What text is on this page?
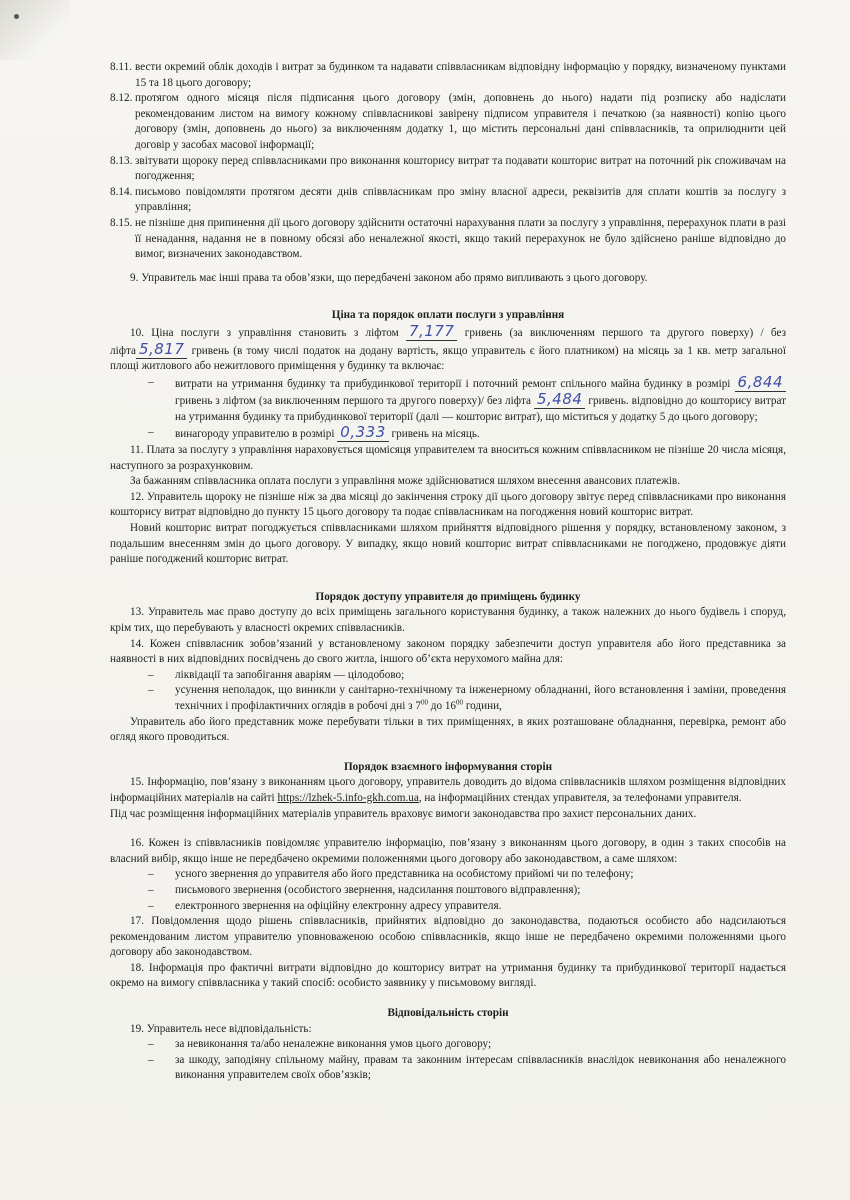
8.11. вести окремий облік доходів і витрат за будинком та надавати співвласникам відповідну інформацію у порядку, визначеному пунктами 15 та 18 цього договору;

8.12. протягом одного місяця після підписання цього договору (змін, доповнень до нього) надати під розписку або надіслати рекомендованим листом на вимогу кожному співвласникові завірену підписом управителя і печаткою (за наявності) копію цього договору (змін, доповнень до нього) за виключенням додатку 1, що містить персональні дані співвласників, та оприлюднити цей договір у засобах масової інформації;

8.13. звітувати щороку перед співвласниками про виконання кошторису витрат та подавати кошторис витрат на поточний рік споживачам на погодження;

8.14. письмово повідомляти протягом десяти днів співвласникам про зміну власної адреси, реквізитів для сплати коштів за послугу з управління;

8.15. не пізніше дня припинення дії цього договору здійснити остаточні нарахування плати за послугу з управління, перерахунок плати в разі її ненадання, надання не в повному обсязі або неналежної якості, якщо такий перерахунок не було здійснено раніше відповідно до вимог, визначених законодавством.

9. Управитель має інші права та обов’язки, що передбачені законом або прямо випливають з цього договору.

Ціна та порядок оплати послуги з управління

10. Ціна послуги з управління становить з ліфтом 7,177 гривень (за виключенням першого та другого поверху) / без ліфта 5,817 гривень (в тому числі податок на додану вартість, якщо управитель є його платником) на місяць за 1 кв. метр загальної площі житлового або нежитлового приміщення у будинку та включає:

– витрати на утримання будинку та прибудинкової території і поточний ремонт спільного майна будинку в розмірі 6,844 гривень з ліфтом (за виключенням першого та другого поверху)/ без ліфта 5,484 гривень. відповідно до кошторису витрат на утримання будинку та прибудинкової території (далі — кошторис витрат), що міститься у додатку 5 до цього договору;

– винагороду управителю в розмірі 0,333 гривень на місяць.

11. Плата за послугу з управління нараховується щомісяця управителем та вноситься кожним співвласником не пізніше 20 числа місяця, наступного за розрахунковим.

За бажанням співвласника оплата послуги з управління може здійснюватися шляхом внесення авансових платежів.

12. Управитель щороку не пізніше ніж за два місяці до закінчення строку дії цього договору звітує перед співвласниками про виконання кошторису витрат відповідно до пункту 15 цього договору та подає співвласникам на погодження новий кошторис витрат.

Новий кошторис витрат погоджується співвласниками шляхом прийняття відповідного рішення у порядку, встановленому законом, з подальшим внесенням змін до цього договору. У випадку, якщо новий кошторис витрат співвласниками не погоджено, продовжує діяти раніше погоджений кошторис витрат.

Порядок доступу управителя до приміщень будинку

13. Управитель має право доступу до всіх приміщень загального користування будинку, а також належних до нього будівель і споруд, крім тих, що перебувають у власності окремих співвласників.

14. Кожен співвласник зобов’язаний у встановленому законом порядку забезпечити доступ управителя або його представника за наявності в них відповідних посвідчень до свого житла, іншого об’єкта нерухомого майна для:

– ліквідації та запобігання аваріям — цілодобово;

– усунення неполадок, що виникли у санітарно-технічному та інженерному обладнанні, його встановлення і заміни, проведення технічних і профілактичних оглядів в робочі дні з $7^{00}$ до $16^{00}$ години,

Управитель або його представник може перебувати тільки в тих приміщеннях, в яких розташоване обладнання, перевірка, ремонт або огляд якого проводиться.

Порядок взаємного інформування сторін

15. Інформацію, пов’язану з виконанням цього договору, управитель доводить до відома співвласників шляхом розміщення відповідних інформаційних матеріалів на сайті https://lzhek-5.info-gkh.com.ua, на інформаційних стендах управителя, за телефонами управителя.

Під час розміщення інформаційних матеріалів управитель враховує вимоги законодавства про захист персональних даних.

16. Кожен із співвласників повідомляє управителю інформацію, пов’язану з виконанням цього договору, в один з таких способів на власний вибір, якщо інше не передбачено окремими положеннями цього договору або законодавством, а саме шляхом:

– усного звернення до управителя або його представника на особистому прийомі чи по телефону;

– письмового звернення (особистого звернення, надсилання поштового відправлення);

– електронного звернення на офіційну електронну адресу управителя.

17. Повідомлення щодо рішень співвласників, прийнятих відповідно до законодавства, подаються особисто або надсилаються рекомендованим листом управителю уповноваженою особою співвласників, якщо інше не передбачено окремими положеннями цього договору або законодавством.

18. Інформація про фактичні витрати відповідно до кошторису витрат на утримання будинку та прибудинкової території надається окремо на вимогу співвласника у такий спосіб: особисто заявнику у письмовому вигляді.

Відповідальність сторін

19. Управитель несе відповідальність:

– за невиконання та/або неналежне виконання умов цього договору;

– за шкоду, заподіяну спільному майну, правам та законним інтересам співвласників внаслідок невиконання або неналежного виконання управителем своїх обов’язків;
